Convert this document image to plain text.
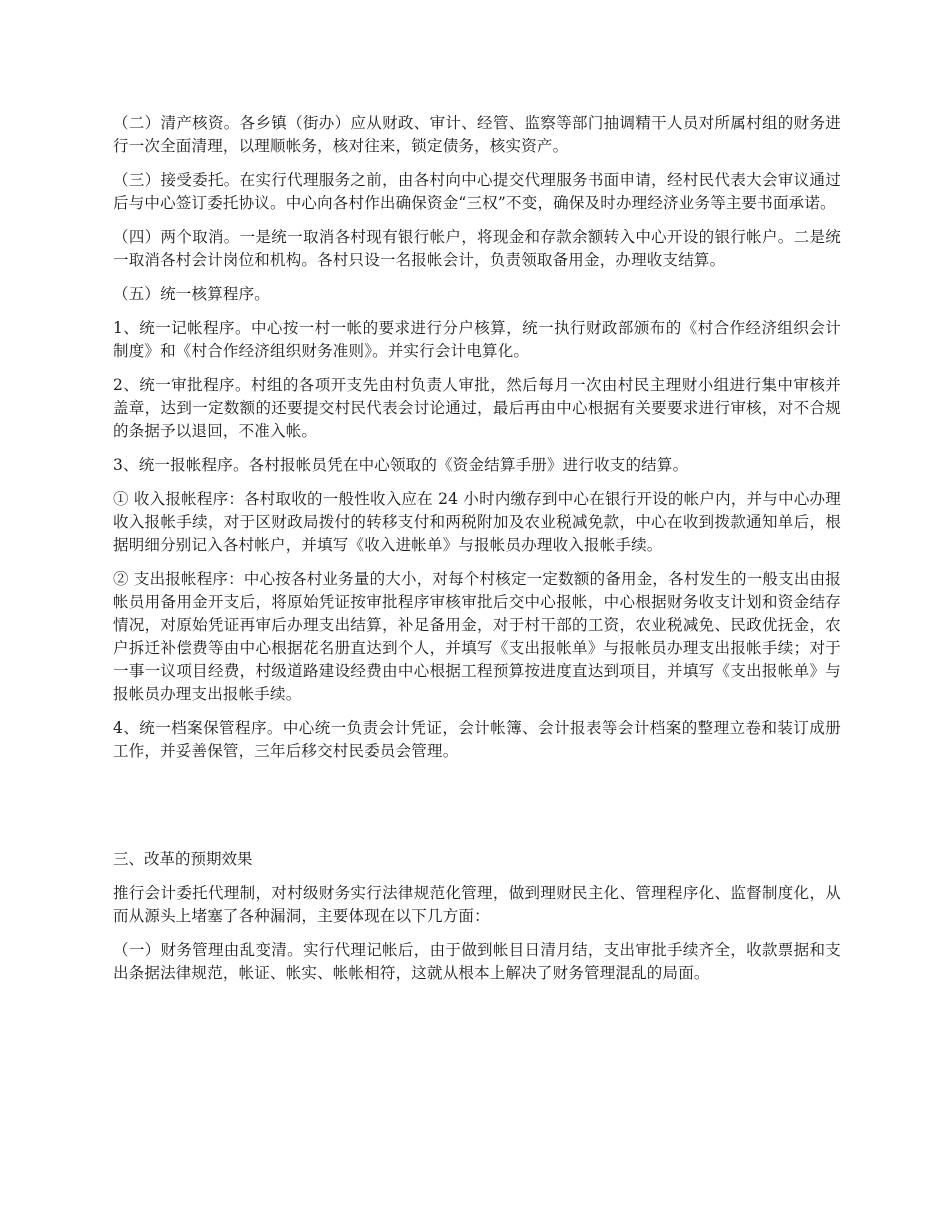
（二）清产核资。各乡镇（街办）应从财政、审计、经管、监察等部门抽调精干人员对所属村组的财务进行一次全面清理，以理顺帐务，核对往来，锁定债务，核实资产。

（三）接受委托。在实行代理服务之前，由各村向中心提交代理服务书面申请，经村民代表大会审议通过后与中心签订委托协议。中心向各村作出确保资金“三权”不变，确保及时办理经济业务等主要书面承诺。

（四）两个取消。一是统一取消各村现有银行帐户，将现金和存款余额转入中心开设的银行帐户。二是统一取消各村会计岗位和机构。各村只设一名报帐会计，负责领取备用金，办理收支结算。

（五）统一核算程序。

1、统一记帐程序。中心按一村一帐的要求进行分户核算，统一执行财政部颁布的《村合作经济组织会计制度》和《村合作经济组织财务准则》。并实行会计电算化。

2、统一审批程序。村组的各项开支先由村负责人审批，然后每月一次由村民主理财小组进行集中审核并盖章，达到一定数额的还要提交村民代表会讨论通过，最后再由中心根据有关要要求进行审核，对不合规的条据予以退回，不准入帐。

3、统一报帐程序。各村报帐员凭在中心领取的《资金结算手册》进行收支的结算。

① 收入报帐程序：各村取收的一般性收入应在 24 小时内缴存到中心在银行开设的帐户内，并与中心办理收入报帐手续，对于区财政局拨付的转移支付和两税附加及农业税减免款，中心在收到拨款通知单后，根据明细分别记入各村帐户，并填写《收入进帐单》与报帐员办理收入报帐手续。

② 支出报帐程序：中心按各村业务量的大小，对每个村核定一定数额的备用金，各村发生的一般支出由报帐员用备用金开支后，将原始凭证按审批程序审核审批后交中心报帐，中心根据财务收支计划和资金结存情况，对原始凭证再审后办理支出结算，补足备用金，对于村干部的工资，农业税减免、民政优抚金，农户拆迁补偿费等由中心根据花名册直达到个人，并填写《支出报帐单》与报帐员办理支出报帐手续；对于一事一议项目经费，村级道路建设经费由中心根据工程预算按进度直达到项目，并填写《支出报帐单》与报帐员办理支出报帐手续。

4、统一档案保管程序。中心统一负责会计凭证，会计帐簿、会计报表等会计档案的整理立卷和装订成册工作，并妥善保管，三年后移交村民委员会管理。

三、改革的预期效果

推行会计委托代理制，对村级财务实行法律规范化管理，做到理财民主化、管理程序化、监督制度化，从而从源头上堵塞了各种漏洞，主要体现在以下几方面：

（一）财务管理由乱变清。实行代理记帐后，由于做到帐目日清月结，支出审批手续齐全，收款票据和支出条据法律规范，帐证、帐实、帐帐相符，这就从根本上解决了财务管理混乱的局面。
